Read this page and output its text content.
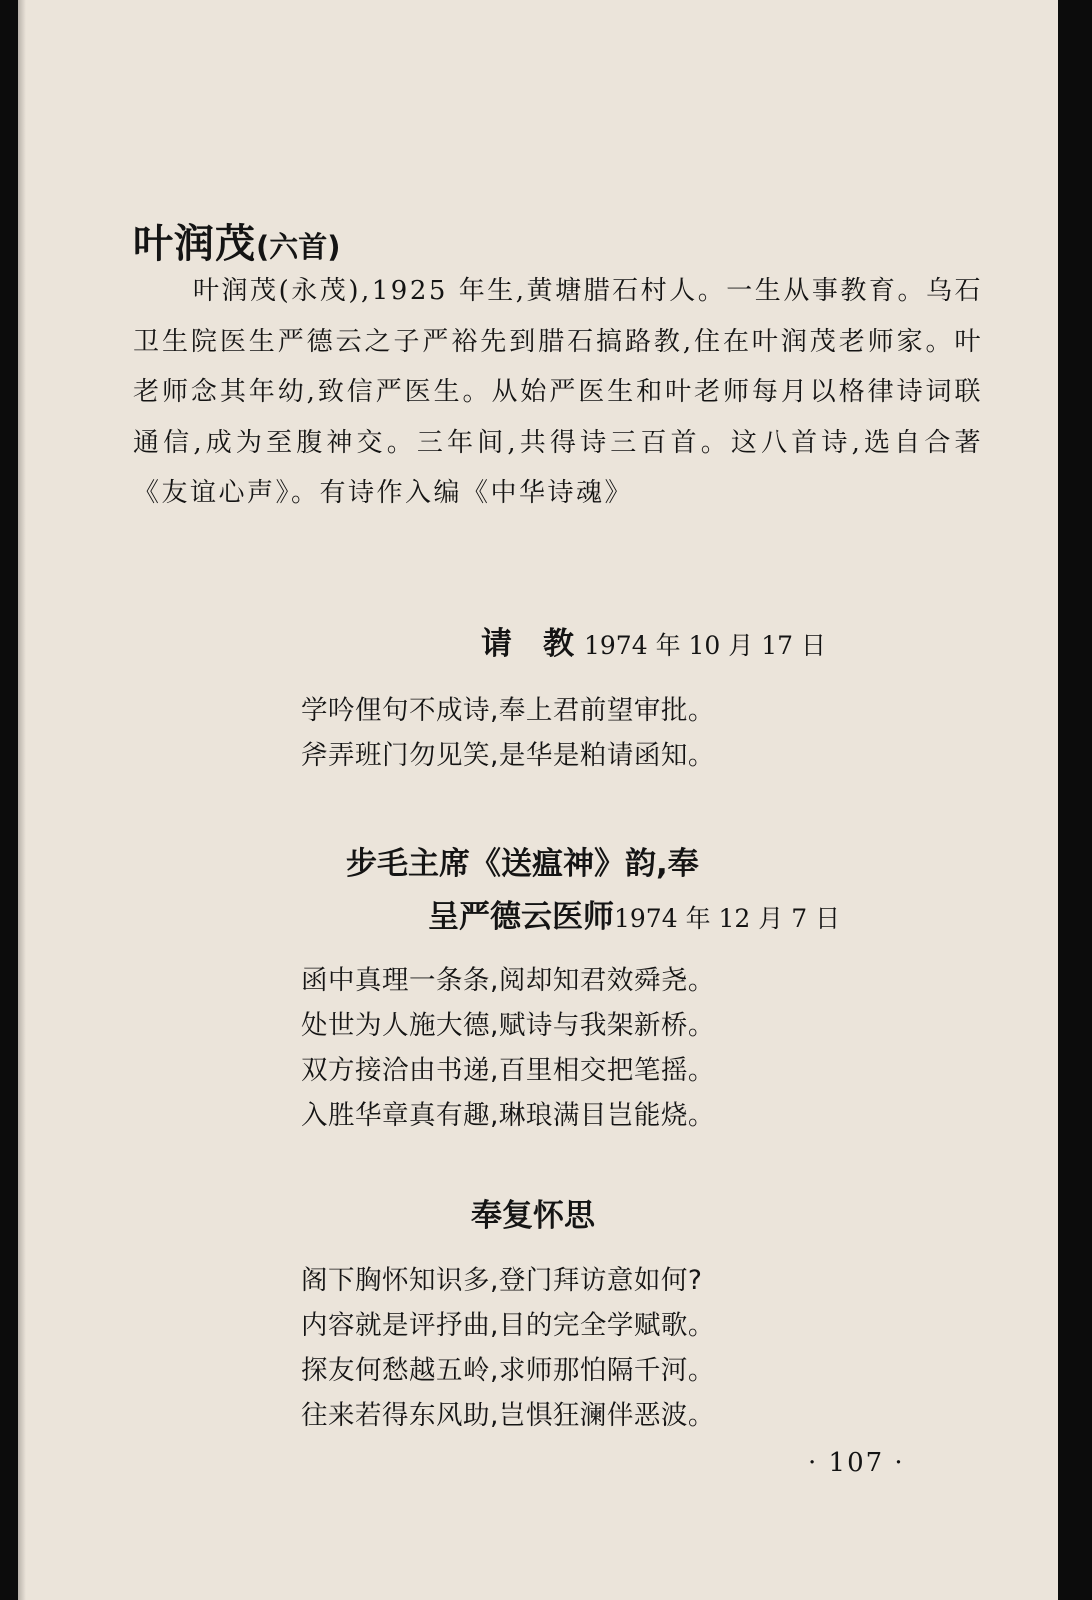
叶润茂(六首)
叶润茂(永茂),1925 年生,黄塘腊石村人。一生从事教育。乌石卫生院医生严德云之子严裕先到腊石搞路教,住在叶润茂老师家。叶老师念其年幼,致信严医生。从始严医生和叶老师每月以格律诗词联通信,成为至腹神交。三年间,共得诗三百首。这八首诗,选自合著《友谊心声》。有诗作入编《中华诗魂》
请　教 1974 年 10 月 17 日
学吟俚句不成诗,奉上君前望审批。
斧弄班门勿见笑,是华是粕请函知。
步毛主席《送瘟神》韵,奉
呈严德云医师1974 年 12 月 7 日
函中真理一条条,阅却知君效舜尧。
处世为人施大德,赋诗与我架新桥。
双方接洽由书递,百里相交把笔摇。
入胜华章真有趣,琳琅满目岂能烧。
奉复怀思
阁下胸怀知识多,登门拜访意如何?
内容就是评抒曲,目的完全学赋歌。
探友何愁越五岭,求师那怕隔千河。
往来若得东风助,岂惧狂澜伴恶波。
· 107 ·
